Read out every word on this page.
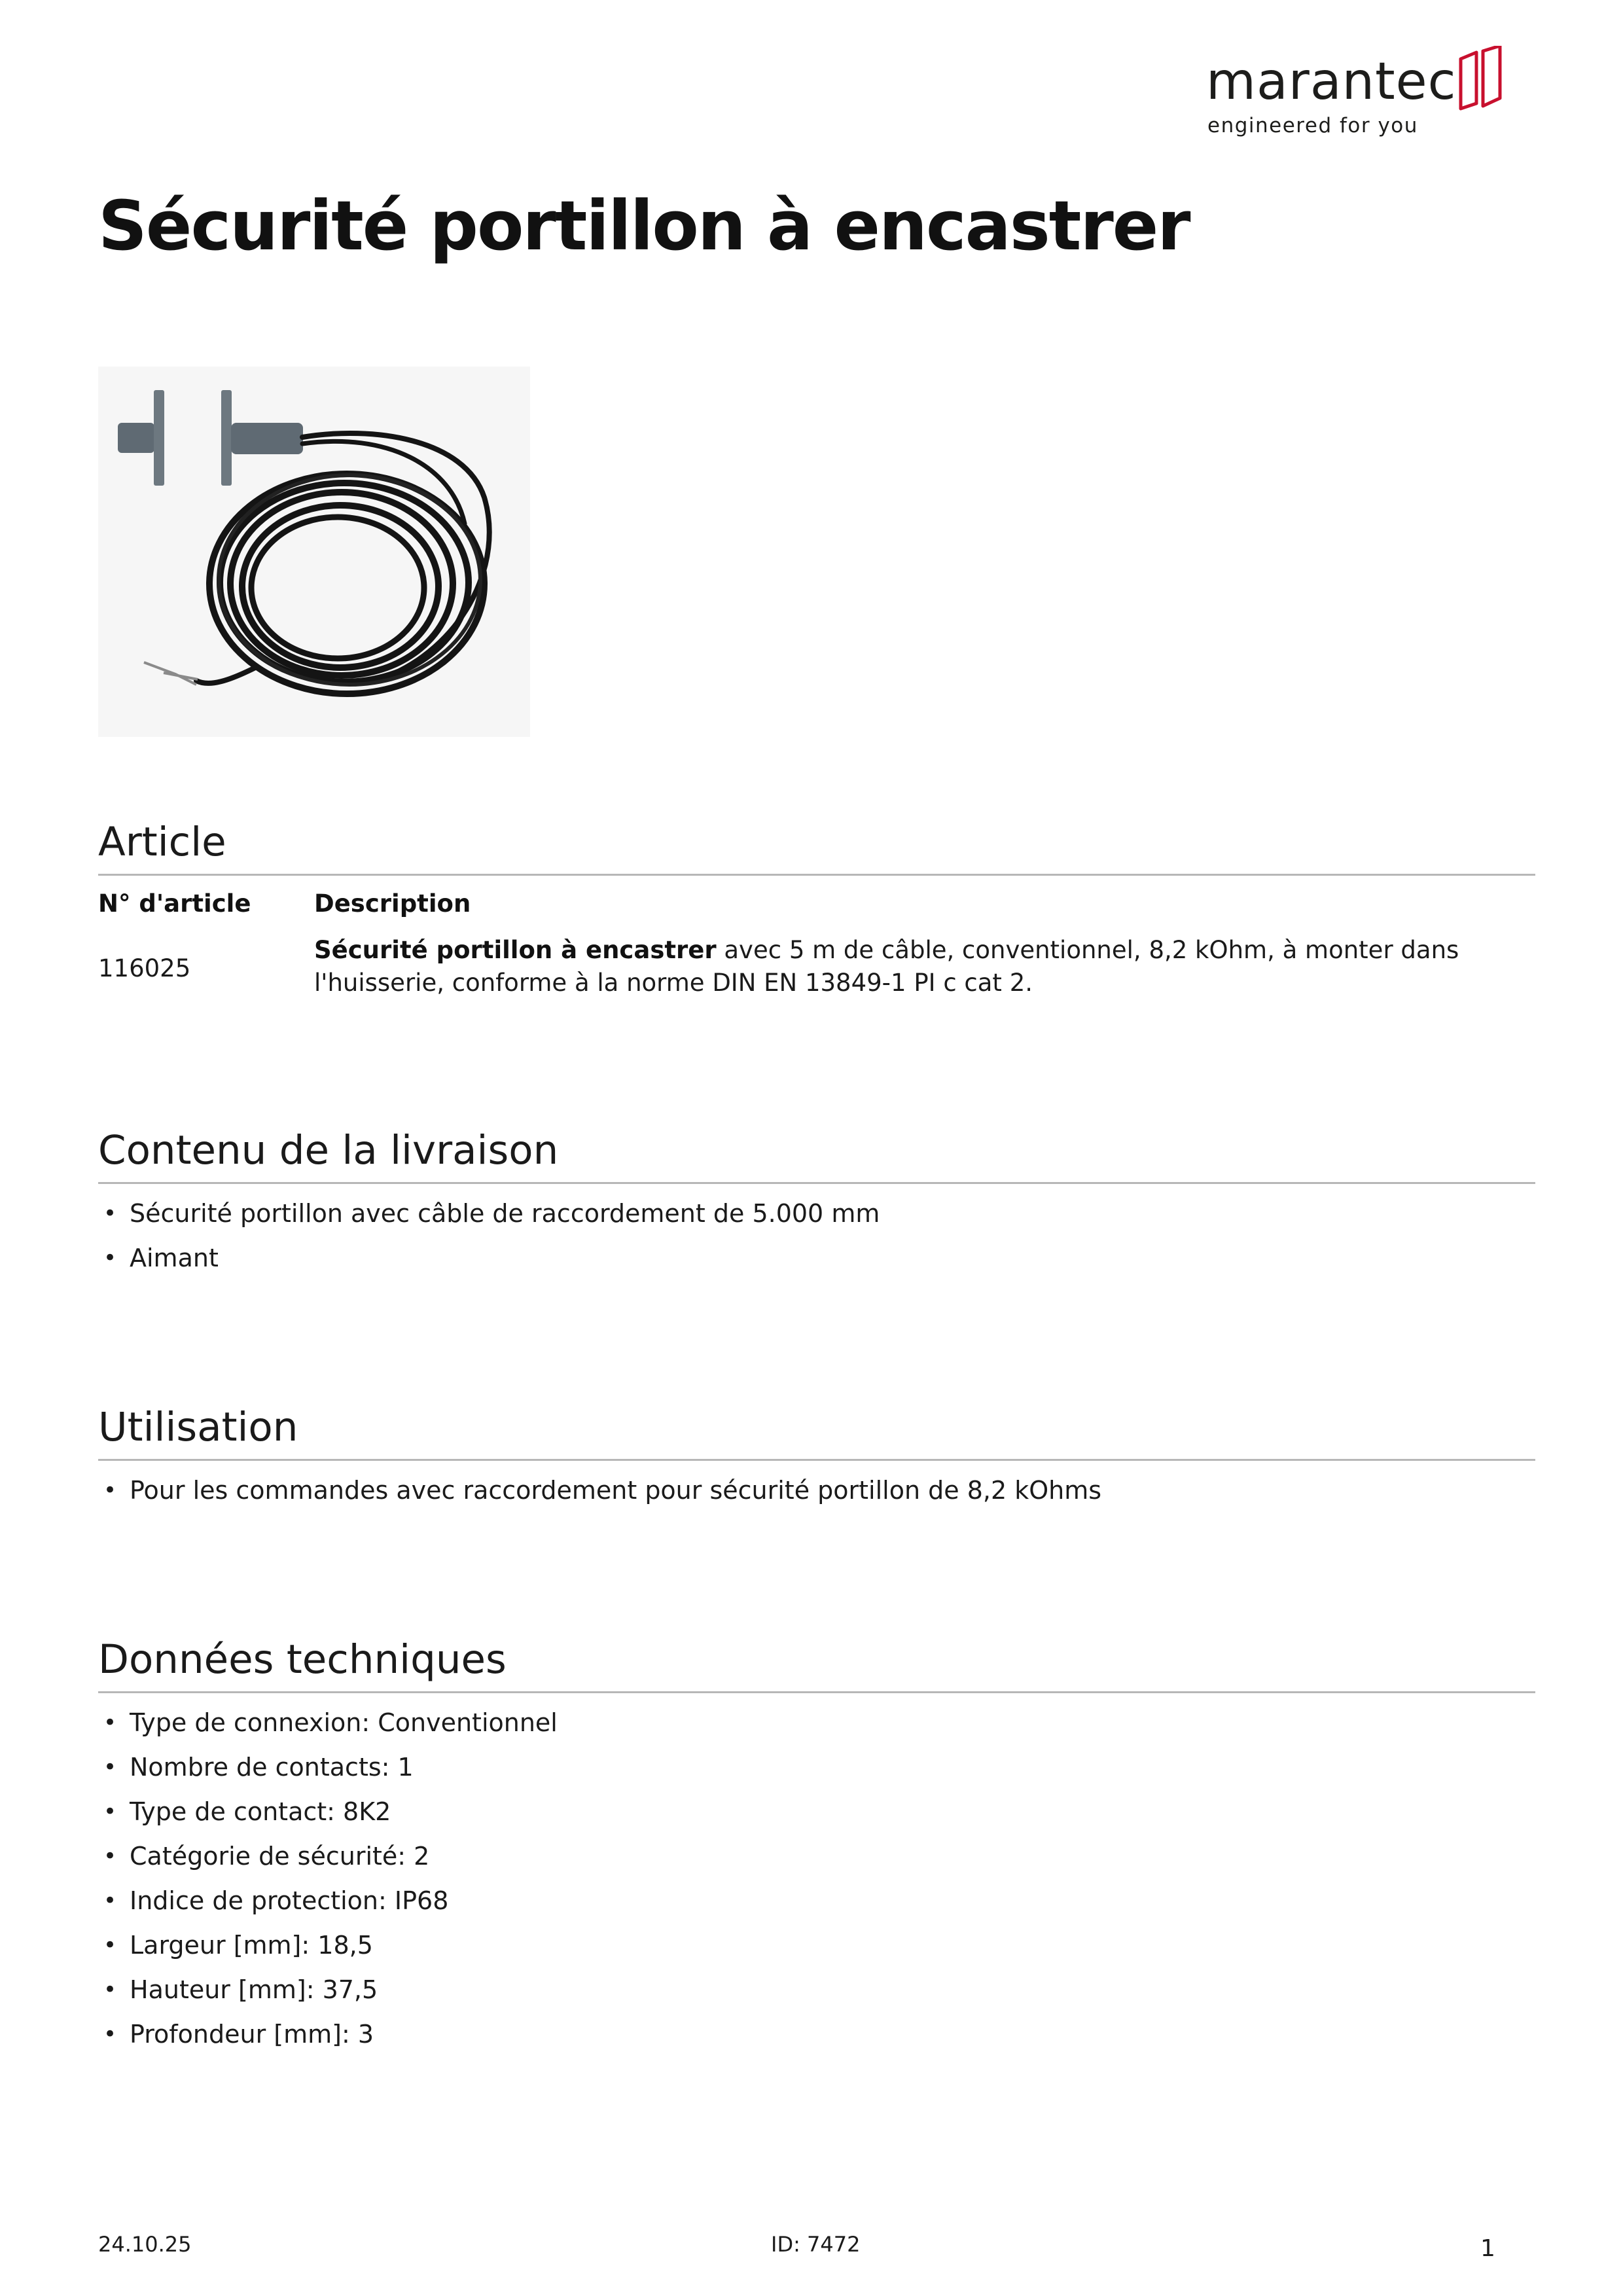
marantec
engineered for you
Sécurité portillon à encastrer
Article
N° d'article	Description
116025
Sécurité portillon à encastrer avec 5 m de câble, conventionnel, 8,2 kOhm, à monter dans l'huisserie, conforme à la norme DIN EN 13849-1 PI c cat 2.
Contenu de la livraison
• Sécurité portillon avec câble de raccordement de 5.000 mm
• Aimant
Utilisation
• Pour les commandes avec raccordement pour sécurité portillon de 8,2 kOhms
Données techniques
• Type de connexion: Conventionnel
• Nombre de contacts: 1
• Type de contact: 8K2
• Catégorie de sécurité: 2
• Indice de protection: IP68
• Largeur [mm]: 18,5
• Hauteur [mm]: 37,5
• Profondeur [mm]: 3
24.10.25	ID: 7472	1
